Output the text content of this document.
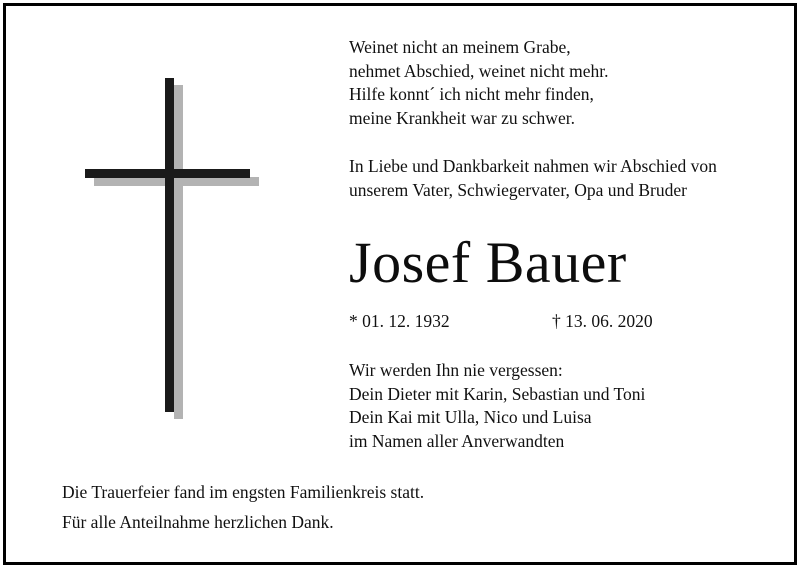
Weinet nicht an meinem Grabe,
nehmet Abschied, weinet nicht mehr.
Hilfe konnt´ ich nicht mehr finden,
meine Krankheit war zu schwer.
In Liebe und Dankbarkeit nahmen wir Abschied von
unserem Vater, Schwiegervater, Opa und Bruder
Josef Bauer
* 01. 12. 1932	† 13. 06. 2020
Wir werden Ihn nie vergessen:
Dein Dieter mit Karin, Sebastian und Toni
Dein Kai mit Ulla, Nico und Luisa
im Namen aller Anverwandten
Die Trauerfeier fand im engsten Familienkreis statt.
Für alle Anteilnahme herzlichen Dank.
